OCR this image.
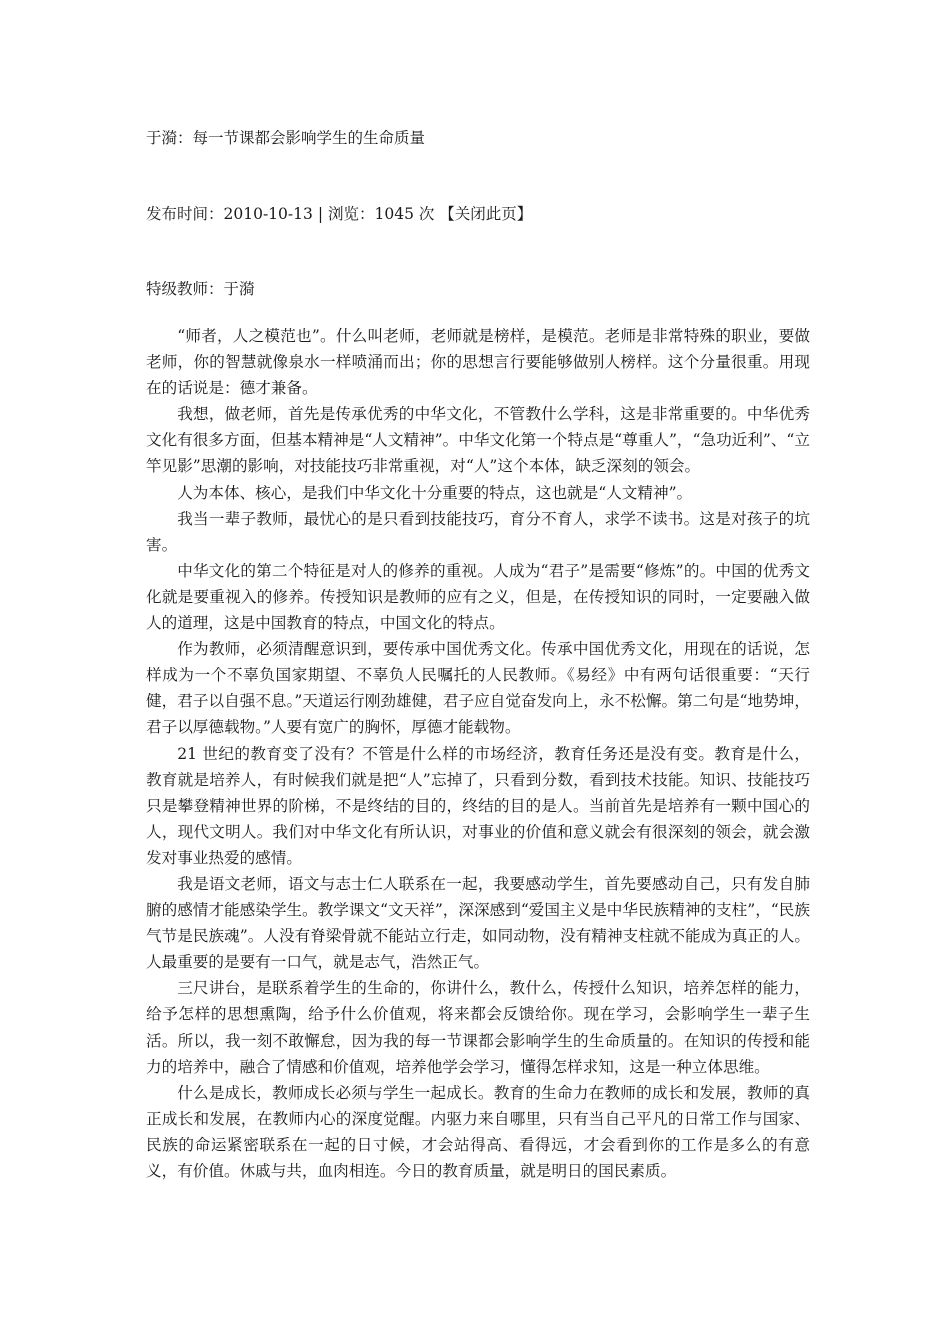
于漪：每一节课都会影响学生的生命质量
发布时间：2010-10-13 | 浏览：1045 次 【关闭此页】
特级教师：于漪

“师者，人之模范也”。什么叫老师，老师就是榜样，是模范。老师是非常特殊的职业，要做老师，你的智慧就像泉水一样喷涌而出；你的思想言行要能够做别人榜样。这个分量很重。用现在的话说是：德才兼备。

我想，做老师，首先是传承优秀的中华文化，不管教什么学科，这是非常重要的。中华优秀文化有很多方面，但基本精神是“人文精神”。中华文化第一个特点是“尊重人”，“急功近利”、“立竿见影”思潮的影响，对技能技巧非常重视，对“人”这个本体，缺乏深刻的领会。

人为本体、核心，是我们中华文化十分重要的特点，这也就是“人文精神”。

我当一辈子教师，最忧心的是只看到技能技巧，育分不育人，求学不读书。这是对孩子的坑害。

中华文化的第二个特征是对人的修养的重视。人成为“君子”是需要“修炼”的。中国的优秀文化就是要重视入的修养。传授知识是教师的应有之义，但是，在传授知识的同时，一定要融入做人的道理，这是中国教育的特点，中国文化的特点。

作为教师，必须清醒意识到，要传承中国优秀文化。传承中国优秀文化，用现在的话说，怎样成为一个不辜负国家期望、不辜负人民嘱托的人民教师。《易经》中有两句话很重要：“天行健，君子以自强不息。”天道运行刚劲雄健，君子应自觉奋发向上，永不松懈。第二句是“地势坤，君子以厚德载物。”人要有宽广的胸怀，厚德才能载物。

21 世纪的教育变了没有？不管是什么样的市场经济，教育任务还是没有变。教育是什么，教育就是培养人，有时候我们就是把“人”忘掉了，只看到分数，看到技术技能。知识、技能技巧只是攀登精神世界的阶梯，不是终结的目的，终结的目的是人。当前首先是培养有一颗中国心的人，现代文明人。我们对中华文化有所认识，对事业的价值和意义就会有很深刻的领会，就会激发对事业热爱的感情。

我是语文老师，语文与志士仁人联系在一起，我要感动学生，首先要感动自己，只有发自肺腑的感情才能感染学生。教学课文“文天祥”，深深感到“爱国主义是中华民族精神的支柱”，“民族气节是民族魂”。人没有脊梁骨就不能站立行走，如同动物，没有精神支柱就不能成为真正的人。人最重要的是要有一口气，就是志气，浩然正气。

三尺讲台，是联系着学生的生命的，你讲什么，教什么，传授什么知识，培养怎样的能力，给予怎样的思想熏陶，给予什么价值观，将来都会反馈给你。现在学习，会影响学生一辈子生活。所以，我一刻不敢懈怠，因为我的每一节课都会影响学生的生命质量的。在知识的传授和能力的培养中，融合了情感和价值观，培养他学会学习，懂得怎样求知，这是一种立体思维。

什么是成长，教师成长必须与学生一起成长。教育的生命力在教师的成长和发展，教师的真正成长和发展，在教师内心的深度觉醒。内驱力来自哪里，只有当自己平凡的日常工作与国家、民族的命运紧密联系在一起的日寸候，才会站得高、看得远，才会看到你的工作是多么的有意义，有价值。休戚与共，血肉相连。今日的教育质量，就是明日的国民素质。
